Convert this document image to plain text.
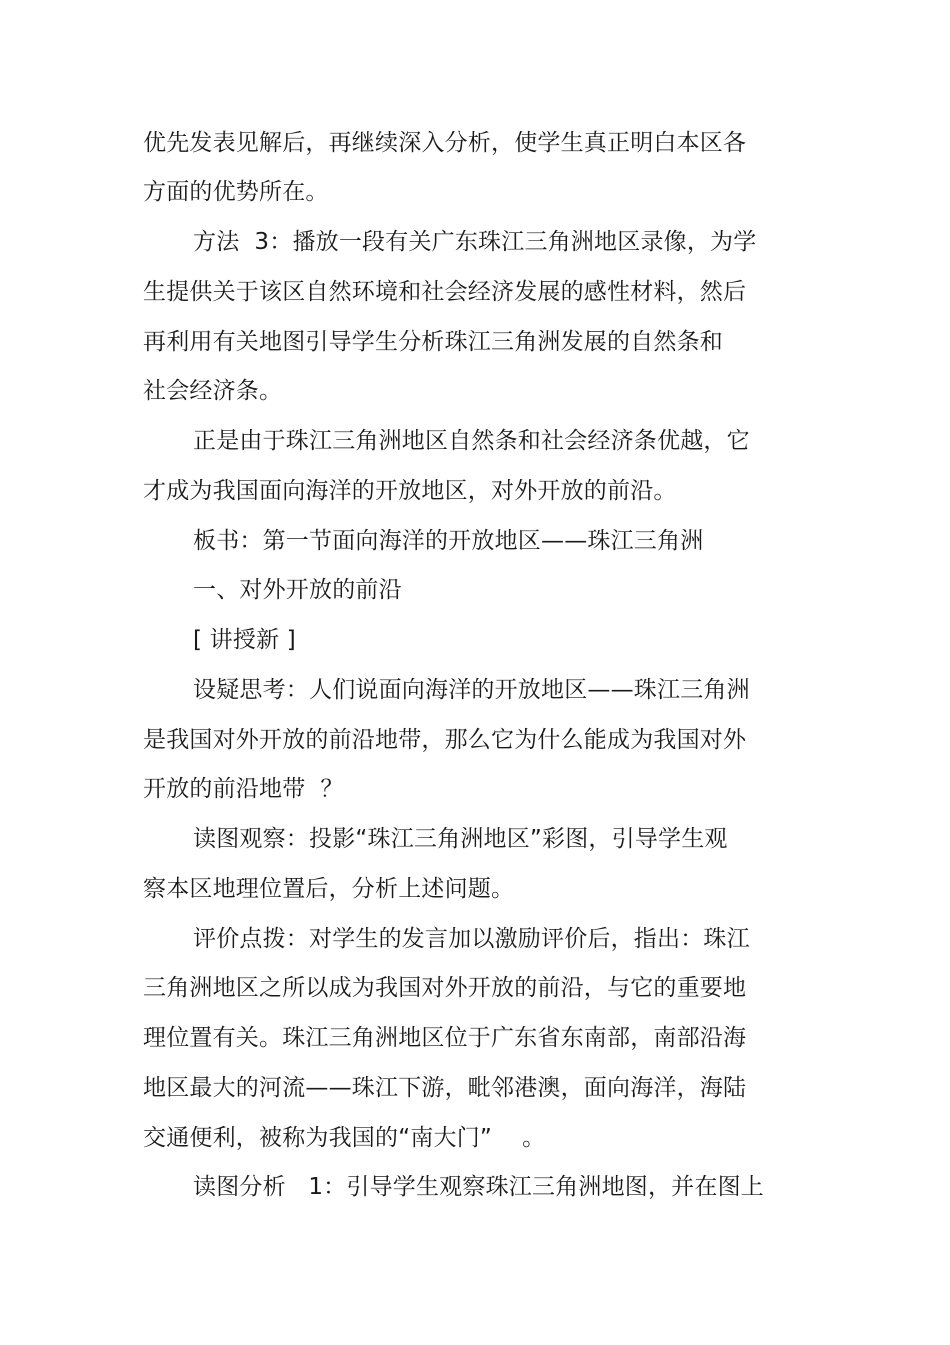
优先发表见解后，再继续深入分析，使学生真正明白本区各
方面的优势所在。
方法  3：播放一段有关广东珠江三角洲地区录像，为学
生提供关于该区自然环境和社会经济发展的感性材料，然后
再利用有关地图引导学生分析珠江三角洲发展的自然条和
社会经济条。
正是由于珠江三角洲地区自然条和社会经济条优越，它
才成为我国面向海洋的开放地区，对外开放的前沿。
板书：第一节面向海洋的开放地区——珠江三角洲
一、对外开放的前沿
[ 讲授新 ]
设疑思考：人们说面向海洋的开放地区——珠江三角洲
是我国对外开放的前沿地带，那么它为什么能成为我国对外
开放的前沿地带  ？
读图观察：投影“珠江三角洲地区”彩图，引导学生观
察本区地理位置后，分析上述问题。
评价点拨：对学生的发言加以激励评价后，指出：珠江
三角洲地区之所以成为我国对外开放的前沿，与它的重要地
理位置有关。珠江三角洲地区位于广东省东南部，南部沿海
地区最大的河流——珠江下游，毗邻港澳，面向海洋，海陆
交通便利，被称为我国的“南大门”    。
读图分析   1：引导学生观察珠江三角洲地图，并在图上
